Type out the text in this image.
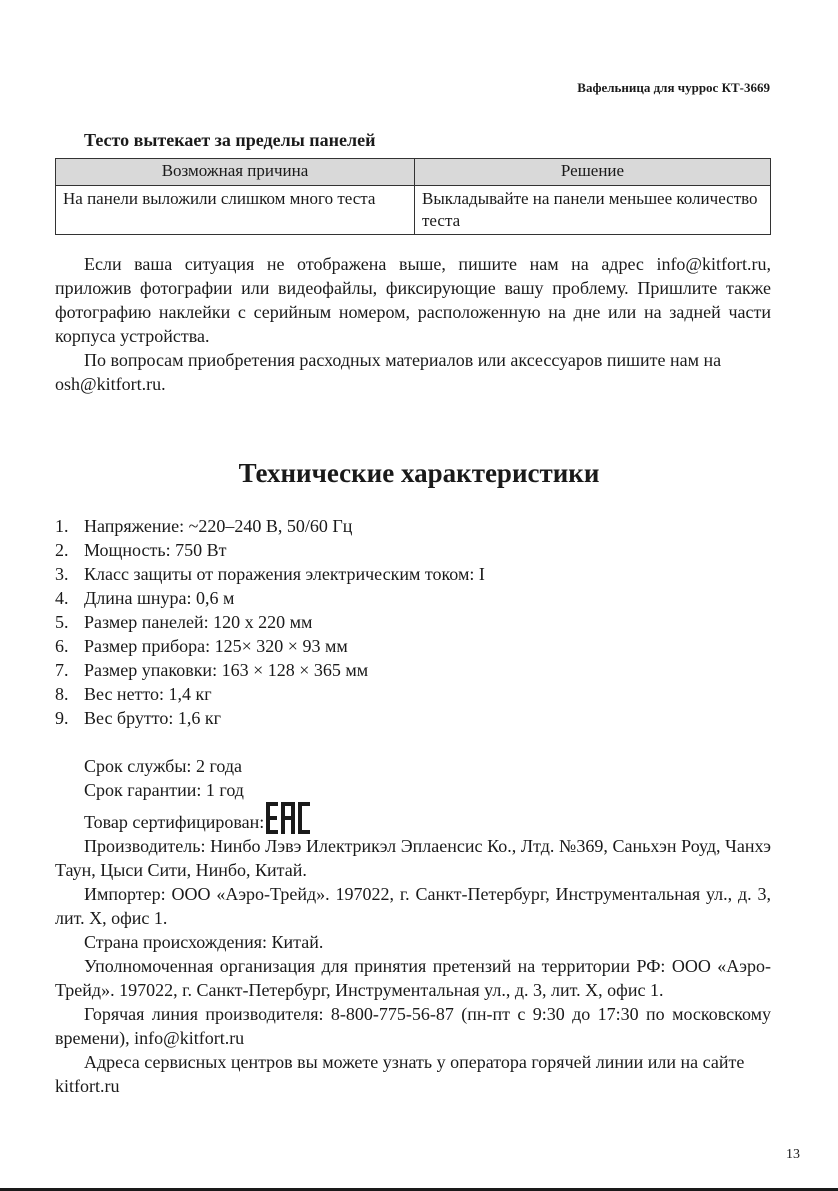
Вафельница для чуррос КТ-3669
Тесто вытекает за пределы панелей
Возможная причина	Решение
На панели выложили слишком много теста	Выкладывайте на панели меньшее количество теста

Если ваша ситуация не отображена выше, пишите нам на адрес info@kitfort.ru, приложив фотографии или видеофайлы, фиксирующие вашу проблему. Пришлите также фотографию наклейки с серийным номером, расположенную на дне или на задней части корпуса устройства.

По вопросам приобретения расходных материалов или аксессуаров пишите нам на osh@kitfort.ru.

Технические характеристики
1. Напряжение: ~220–240 В, 50/60 Гц
2. Мощность: 750 Вт
3. Класс защиты от поражения электрическим током: I
4. Длина шнура: 0,6 м
5. Размер панелей: 120 х 220 мм
6. Размер прибора: 125× 320 × 93 мм
7. Размер упаковки: 163 × 128 × 365 мм
8. Вес нетто: 1,4 кг
9. Вес брутто: 1,6 кг

Срок службы: 2 года

Срок гарантии: 1 год

Товар сертифицирован:

Производитель: Нинбо Лэвэ Илектрикэл Эплаенсис Ко., Лтд. №369, Саньхэн Роуд, Чанхэ Таун, Цыси Сити, Нинбо, Китай.

Импортер: ООО «Аэро-Трейд». 197022, г. Санкт-Петербург, Инструментальная ул., д. 3, лит. Х, офис 1.

Страна происхождения: Китай.

Уполномоченная организация для принятия претензий на территории РФ: ООО «Аэро-Трейд». 197022, г. Санкт-Петербург, Инструментальная ул., д. 3, лит. Х, офис 1.

Горячая линия производителя: 8-800-775-56-87 (пн-пт с 9:30 до 17:30 по московскому времени), info@kitfort.ru

Адреса сервисных центров вы можете узнать у оператора горячей линии или на сайте kitfort.ru

13
